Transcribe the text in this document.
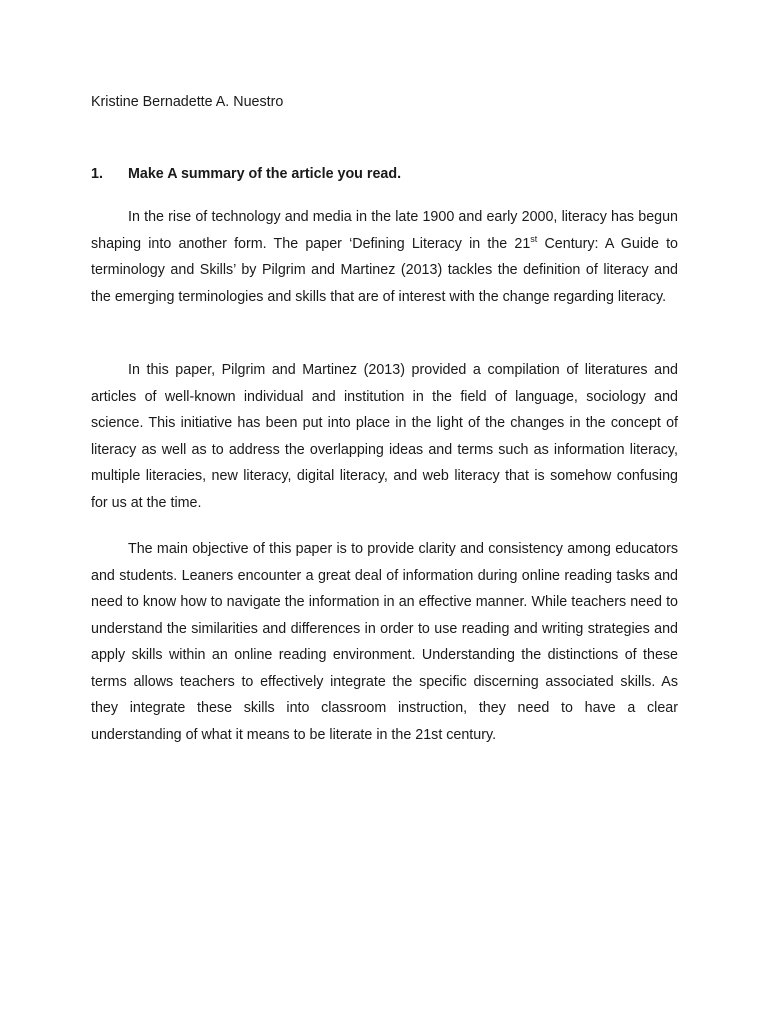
Kristine Bernadette A. Nuestro

1. Make A summary of the article you read.

In the rise of technology and media in the late 1900 and early 2000, literacy has begun shaping into another form. The paper ‘Defining Literacy in the 21st Century: A Guide to terminology and Skills’ by Pilgrim and Martinez (2013) tackles the definition of literacy and the emerging terminologies and skills that are of interest with the change regarding literacy.

In this paper, Pilgrim and Martinez (2013) provided a compilation of literatures and articles of well-known individual and institution in the field of language, sociology and science. This initiative has been put into place in the light of the changes in the concept of literacy as well as to address the overlapping ideas and terms such as information literacy, multiple literacies, new literacy, digital literacy, and web literacy that is somehow confusing for us at the time.

The main objective of this paper is to provide clarity and consistency among educators and students. Leaners encounter a great deal of information during online reading tasks and need to know how to navigate the information in an effective manner. While teachers need to understand the similarities and differences in order to use reading and writing strategies and apply skills within an online reading environment. Understanding the distinctions of these terms allows teachers to effectively integrate the specific discerning associated skills. As they integrate these skills into classroom instruction, they need to have a clear understanding of what it means to be literate in the 21st century.
